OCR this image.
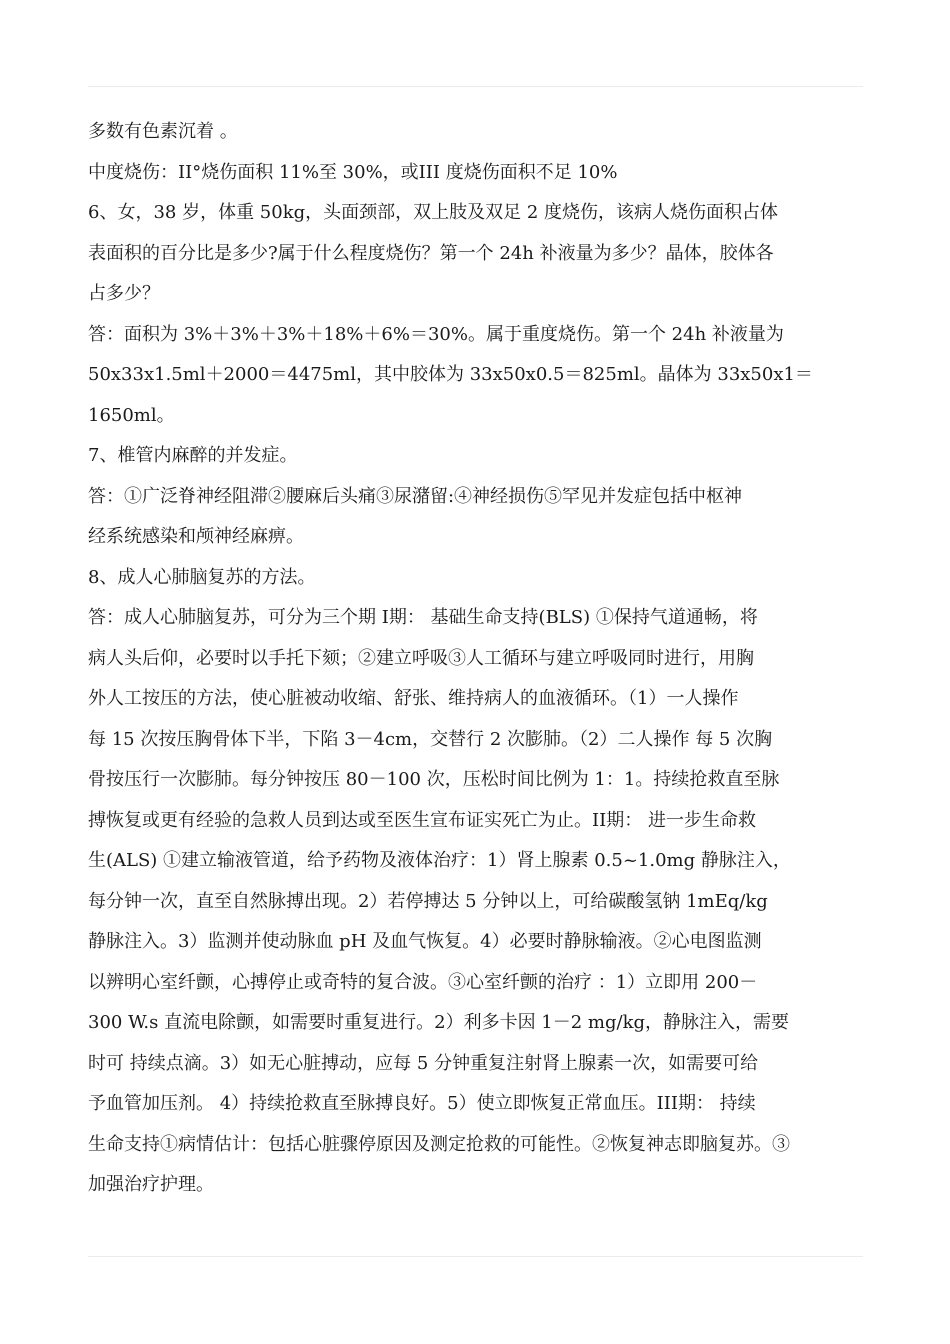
多数有色素沉着 。
中度烧伤：II°烧伤面积 11%至 30%，或III 度烧伤面积不足 10%
6、女，38 岁，体重 50kg，头面颈部，双上肢及双足 2 度烧伤，该病人烧伤面积占体
表面积的百分比是多少?属于什么程度烧伤？第一个 24h 补液量为多少？晶体，胶体各
占多少？
答：面积为 3%＋3%＋3%＋18%＋6%＝30%。属于重度烧伤。第一个 24h 补液量为
50x33x1.5ml＋2000＝4475ml，其中胶体为 33x50x0.5＝825ml。晶体为 33x50x1＝
1650ml。
7、椎管内麻醉的并发症。
答：①广泛脊神经阻滞②腰麻后头痛③尿潴留:④神经损伤⑤罕见并发症包括中枢神
经系统感染和颅神经麻痹。
8、成人心肺脑复苏的方法。
答：成人心肺脑复苏，可分为三个期 I期： 基础生命支持(BLS) ①保持气道通畅，将
病人头后仰，必要时以手托下颏；②建立呼吸③人工循环与建立呼吸同时进行，用胸
外人工按压的方法，使心脏被动收缩、舒张、维持病人的血液循环。（1）一人操作
每 15 次按压胸骨体下半，下陷 3－4cm，交替行 2 次膨肺。（2）二人操作 每 5 次胸
骨按压行一次膨肺。每分钟按压 80－100 次，压松时间比例为 1：1。持续抢救直至脉
搏恢复或更有经验的急救人员到达或至医生宣布证实死亡为止。II期： 进一步生命救
生(ALS) ①建立输液管道，给予药物及液体治疗：1）肾上腺素 0.5~1.0mg 静脉注入，
每分钟一次，直至自然脉搏出现。2）若停搏达 5 分钟以上，可给碳酸氢钠 1mEq/kg
静脉注入。3）监测并使动脉血 pH 及血气恢复。4）必要时静脉输液。②心电图监测
以辨明心室纤颤，心搏停止或奇特的复合波。③心室纤颤的治疗 ：1）立即用 200－
300 W.s 直流电除颤，如需要时重复进行。2）利多卡因 1－2 mg/kg，静脉注入，需要
时可 持续点滴。3）如无心脏搏动，应每 5 分钟重复注射肾上腺素一次，如需要可给
予血管加压剂。 4）持续抢救直至脉搏良好。5）使立即恢复正常血压。III期： 持续
生命支持①病情估计：包括心脏骤停原因及测定抢救的可能性。②恢复神志即脑复苏。③
加强治疗护理。
